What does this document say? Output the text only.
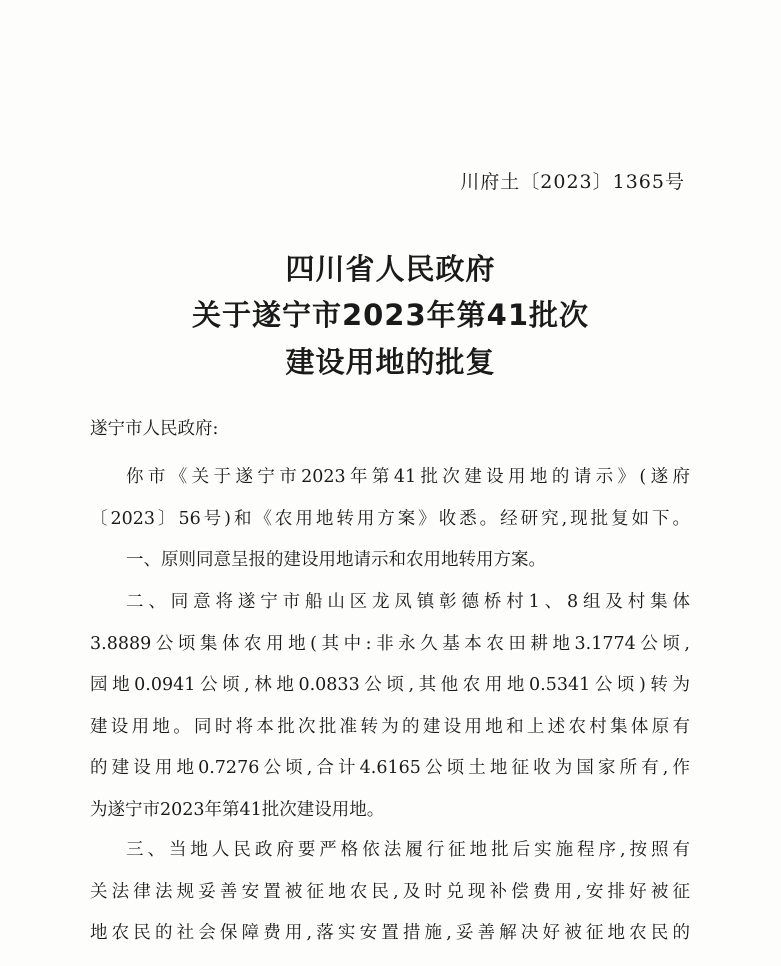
川府土〔2023〕1365号
四川省人民政府
关于遂宁市2023年第41批次
建设用地的批复
遂宁市人民政府:
你市《关于遂宁市2023年第41批次建设用地的请示》(遂府
〔2023〕56号)和《农用地转用方案》收悉。经研究,现批复如下。
一、原则同意呈报的建设用地请示和农用地转用方案。
二、同意将遂宁市船山区龙凤镇彰德桥村1、8组及村集体
3.8889公顷集体农用地(其中:非永久基本农田耕地3.1774公顷,
园地0.0941公顷,林地0.0833公顷,其他农用地0.5341公顷)转为
建设用地。同时将本批次批准转为的建设用地和上述农村集体原有
的建设用地0.7276公顷,合计4.6165公顷土地征收为国家所有,作
为遂宁市2023年第41批次建设用地。
三、当地人民政府要严格依法履行征地批后实施程序,按照有
关法律法规妥善安置被征地农民,及时兑现补偿费用,安排好被征
地农民的社会保障费用,落实安置措施,妥善解决好被征地农民的
